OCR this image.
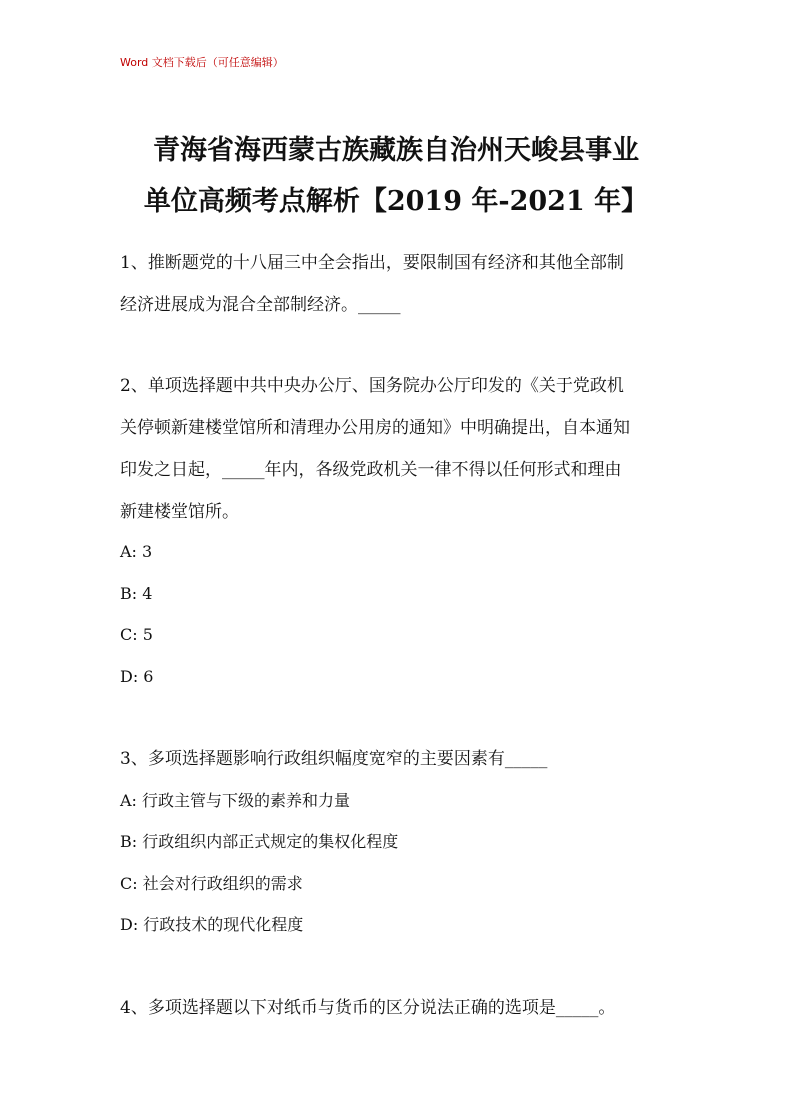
Word 文档下载后（可任意编辑）
青海省海西蒙古族藏族自治州天峻县事业
单位高频考点解析【2019 年-2021 年】
1、推断题党的十八届三中全会指出，要限制国有经济和其他全部制
经济进展成为混合全部制经济。_____
2、单项选择题中共中央办公厅、国务院办公厅印发的《关于党政机
关停顿新建楼堂馆所和清理办公用房的通知》中明确提出，自本通知
印发之日起，_____年内，各级党政机关一律不得以任何形式和理由
新建楼堂馆所。
A: 3
B: 4
C: 5
D: 6
3、多项选择题影响行政组织幅度宽窄的主要因素有_____
A: 行政主管与下级的素养和力量
B: 行政组织内部正式规定的集权化程度
C: 社会对行政组织的需求
D: 行政技术的现代化程度
4、多项选择题以下对纸币与货币的区分说法正确的选项是_____。
